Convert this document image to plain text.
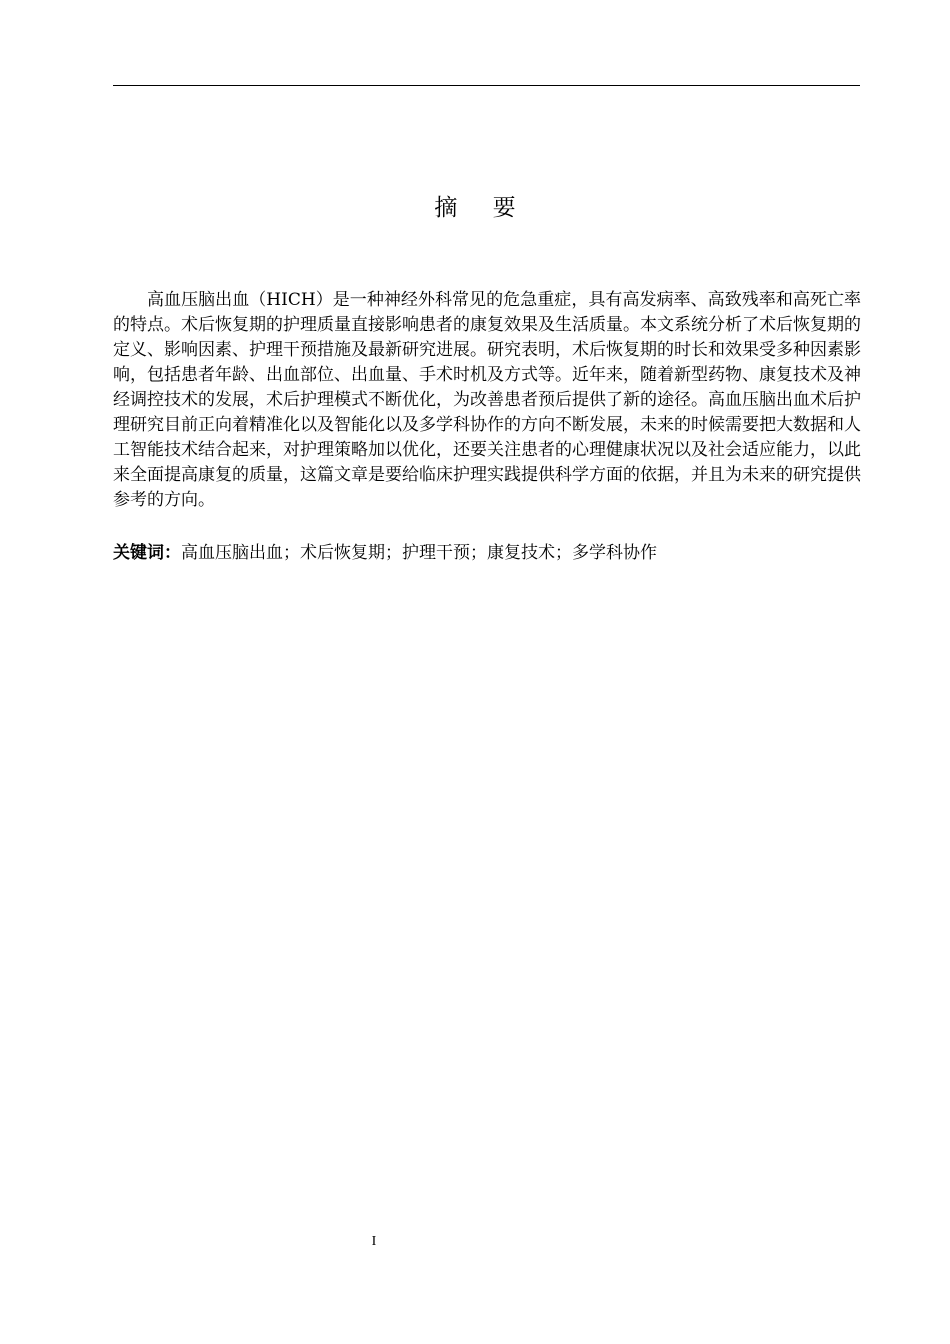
摘 要

高血压脑出血（HICH）是一种神经外科常见的危急重症，具有高发病率、高致残率和高死亡率的特点。术后恢复期的护理质量直接影响患者的康复效果及生活质量。本文系统分析了术后恢复期的定义、影响因素、护理干预措施及最新研究进展。研究表明，术后恢复期的时长和效果受多种因素影响，包括患者年龄、出血部位、出血量、手术时机及方式等。近年来，随着新型药物、康复技术及神经调控技术的发展，术后护理模式不断优化，为改善患者预后提供了新的途径。高血压脑出血术后护理研究目前正向着精准化以及智能化以及多学科协作的方向不断发展，未来的时候需要把大数据和人工智能技术结合起来，对护理策略加以优化，还要关注患者的心理健康状况以及社会适应能力，以此来全面提高康复的质量，这篇文章是要给临床护理实践提供科学方面的依据，并且为未来的研究提供参考的方向。

关键词：高血压脑出血；术后恢复期；护理干预；康复技术；多学科协作
I
